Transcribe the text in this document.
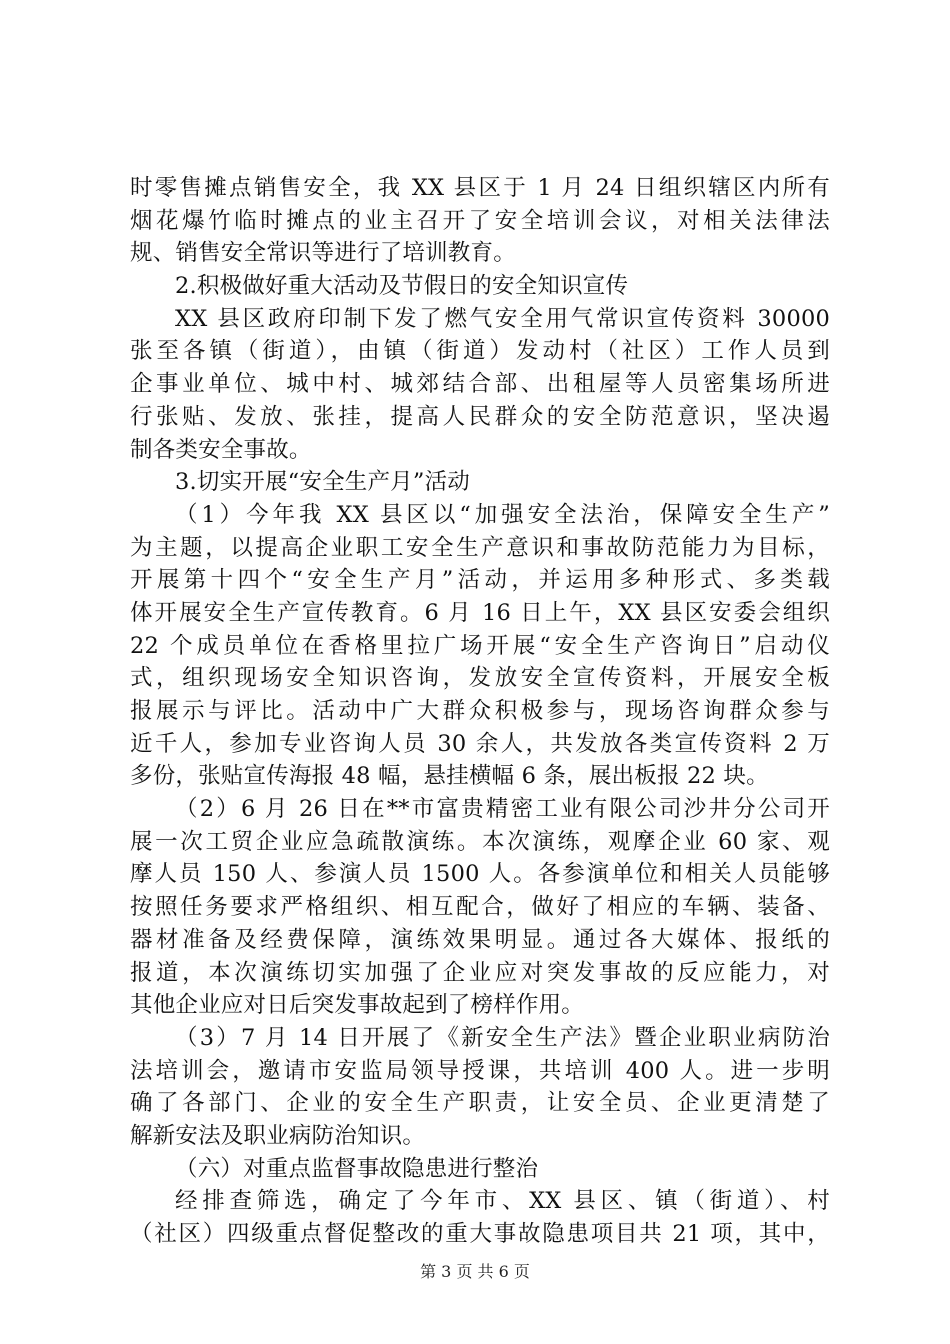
时零售摊点销售安全，我 XX 县区于 1 月 24 日组织辖区内所有
烟花爆竹临时摊点的业主召开了安全培训会议，对相关法律法
规、销售安全常识等进行了培训教育。
2.积极做好重大活动及节假日的安全知识宣传
XX 县区政府印制下发了燃气安全用气常识宣传资料 30000
张至各镇（街道），由镇（街道）发动村（社区）工作人员到
企事业单位、城中村、城郊结合部、出租屋等人员密集场所进
行张贴、发放、张挂，提高人民群众的安全防范意识，坚决遏
制各类安全事故。
3.切实开展“安全生产月”活动
（1）今年我 XX 县区以“加强安全法治，保障安全生产”
为主题，以提高企业职工安全生产意识和事故防范能力为目标，
开展第十四个“安全生产月”活动，并运用多种形式、多类载
体开展安全生产宣传教育。6 月 16 日上午，XX 县区安委会组织
22 个成员单位在香格里拉广场开展“安全生产咨询日”启动仪
式，组织现场安全知识咨询，发放安全宣传资料，开展安全板
报展示与评比。活动中广大群众积极参与，现场咨询群众参与
近千人，参加专业咨询人员 30 余人，共发放各类宣传资料 2 万
多份，张贴宣传海报 48 幅，悬挂横幅 6 条，展出板报 22 块。
（2）6 月 26 日在**市富贵精密工业有限公司沙井分公司开
展一次工贸企业应急疏散演练。本次演练，观摩企业 60 家、观
摩人员 150 人、参演人员 1500 人。各参演单位和相关人员能够
按照任务要求严格组织、相互配合，做好了相应的车辆、装备、
器材准备及经费保障，演练效果明显。通过各大媒体、报纸的
报道，本次演练切实加强了企业应对突发事故的反应能力，对
其他企业应对日后突发事故起到了榜样作用。
（3）7 月 14 日开展了《新安全生产法》暨企业职业病防治
法培训会，邀请市安监局领导授课，共培训 400 人。进一步明
确了各部门、企业的安全生产职责，让安全员、企业更清楚了
解新安法及职业病防治知识。
（六）对重点监督事故隐患进行整治
经排查筛选，确定了今年市、XX 县区、镇（街道）、村
（社区）四级重点督促整改的重大事故隐患项目共 21 项，其中，
第 3 页 共 6 页
